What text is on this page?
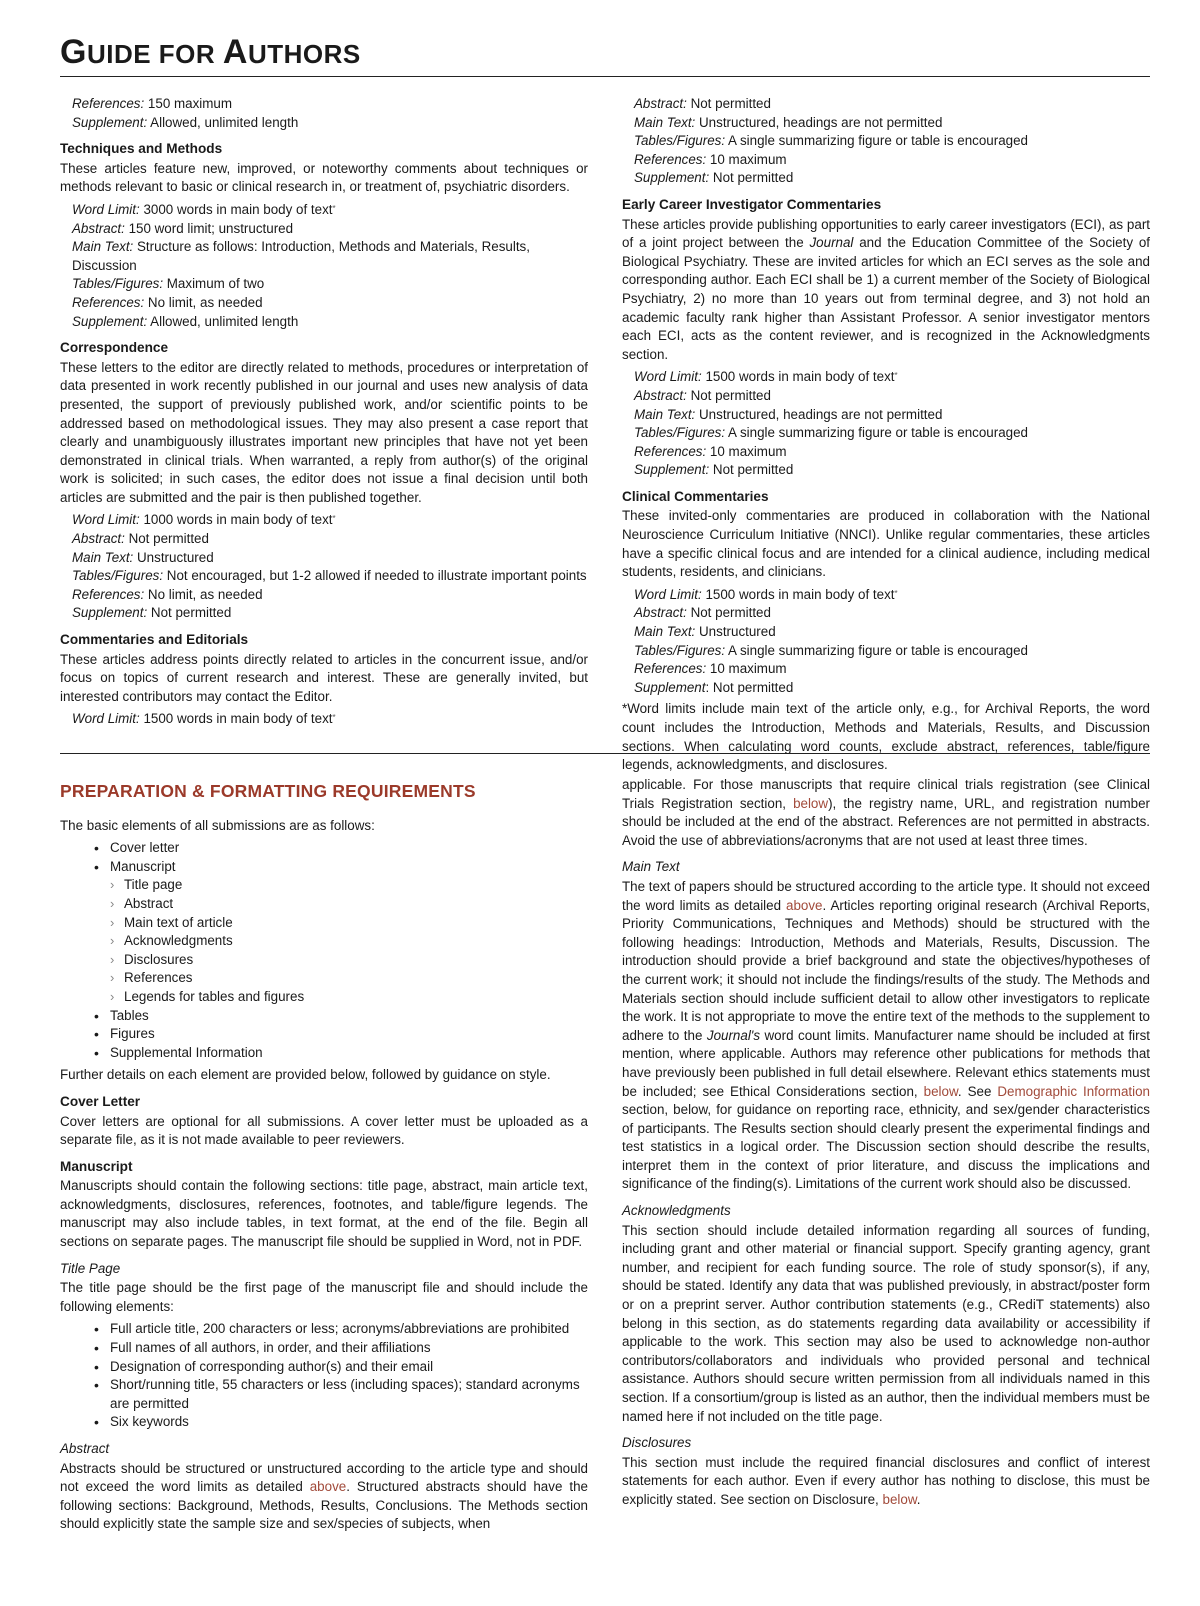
GUIDE FOR AUTHORS
References: 150 maximum
Supplement: Allowed, unlimited length
Techniques and Methods

These articles feature new, improved, or noteworthy comments about techniques or methods relevant to basic or clinical research in, or treatment of, psychiatric disorders.

Word Limit: 3000 words in main body of text*
Abstract: 150 word limit; unstructured
Main Text: Structure as follows: Introduction, Methods and Materials, Results, Discussion
Tables/Figures: Maximum of two
References: No limit, as needed
Supplement: Allowed, unlimited length
Correspondence

These letters to the editor are directly related to methods, procedures or interpretation of data presented in work recently published in our journal and uses new analysis of data presented, the support of previously published work, and/or scientific points to be addressed based on methodological issues. They may also present a case report that clearly and unambiguously illustrates important new principles that have not yet been demonstrated in clinical trials. When warranted, a reply from author(s) of the original work is solicited; in such cases, the editor does not issue a final decision until both articles are submitted and the pair is then published together.

Word Limit: 1000 words in main body of text*
Abstract: Not permitted
Main Text: Unstructured
Tables/Figures: Not encouraged, but 1-2 allowed if needed to illustrate important points
References: No limit, as needed
Supplement: Not permitted
Commentaries and Editorials

These articles address points directly related to articles in the concurrent issue, and/or focus on topics of current research and interest. These are generally invited, but interested contributors may contact the Editor.

Word Limit: 1500 words in main body of text*
Abstract: Not permitted
Main Text: Unstructured, headings are not permitted
Tables/Figures: A single summarizing figure or table is encouraged
References: 10 maximum
Supplement: Not permitted
Early Career Investigator Commentaries

These articles provide publishing opportunities to early career investigators (ECI), as part of a joint project between the Journal and the Education Committee of the Society of Biological Psychiatry. These are invited articles for which an ECI serves as the sole and corresponding author. Each ECI shall be 1) a current member of the Society of Biological Psychiatry, 2) no more than 10 years out from terminal degree, and 3) not hold an academic faculty rank higher than Assistant Professor. A senior investigator mentors each ECI, acts as the content reviewer, and is recognized in the Acknowledgments section.

Word Limit: 1500 words in main body of text*
Abstract: Not permitted
Main Text: Unstructured, headings are not permitted
Tables/Figures: A single summarizing figure or table is encouraged
References: 10 maximum
Supplement: Not permitted
Clinical Commentaries

These invited-only commentaries are produced in collaboration with the National Neuroscience Curriculum Initiative (NNCI). Unlike regular commentaries, these articles have a specific clinical focus and are intended for a clinical audience, including medical students, residents, and clinicians.

Word Limit: 1500 words in main body of text*
Abstract: Not permitted
Main Text: Unstructured
Tables/Figures: A single summarizing figure or table is encouraged
References: 10 maximum
Supplement: Not permitted

*Word limits include main text of the article only, e.g., for Archival Reports, the word count includes the Introduction, Methods and Materials, Results, and Discussion sections. When calculating word counts, exclude abstract, references, table/figure legends, acknowledgments, and disclosures.

PREPARATION & FORMATTING REQUIREMENTS

The basic elements of all submissions are as follows:

• Cover letter
• Manuscript
› Title page
› Abstract
› Main text of article
› Acknowledgments
› Disclosures
› References
› Legends for tables and figures
• Tables
• Figures
• Supplemental Information

Further details on each element are provided below, followed by guidance on style.

Cover Letter

Cover letters are optional for all submissions. A cover letter must be uploaded as a separate file, as it is not made available to peer reviewers.

Manuscript

Manuscripts should contain the following sections: title page, abstract, main article text, acknowledgments, disclosures, references, footnotes, and table/figure legends. The manuscript may also include tables, in text format, at the end of the file. Begin all sections on separate pages. The manuscript file should be supplied in Word, not in PDF.

Title Page

The title page should be the first page of the manuscript file and should include the following elements:

• Full article title, 200 characters or less; acronyms/abbreviations are prohibited
• Full names of all authors, in order, and their affiliations
• Designation of corresponding author(s) and their email
• Short/running title, 55 characters or less (including spaces); standard acronyms are permitted
• Six keywords
Abstract

Abstracts should be structured or unstructured according to the article type and should not exceed the word limits as detailed above. Structured abstracts should have the following sections: Background, Methods, Results, Conclusions. The Methods section should explicitly state the sample size and sex/species of subjects, when

applicable. For those manuscripts that require clinical trials registration (see Clinical Trials Registration section, below), the registry name, URL, and registration number should be included at the end of the abstract. References are not permitted in abstracts. Avoid the use of abbreviations/acronyms that are not used at least three times.

Main Text

The text of papers should be structured according to the article type. It should not exceed the word limits as detailed above. Articles reporting original research (Archival Reports, Priority Communications, Techniques and Methods) should be structured with the following headings: Introduction, Methods and Materials, Results, Discussion. The introduction should provide a brief background and state the objectives/hypotheses of the current work; it should not include the findings/results of the study. The Methods and Materials section should include sufficient detail to allow other investigators to replicate the work. It is not appropriate to move the entire text of the methods to the supplement to adhere to the Journal's word count limits. Manufacturer name should be included at first mention, where applicable. Authors may reference other publications for methods that have previously been published in full detail elsewhere. Relevant ethics statements must be included; see Ethical Considerations section, below. See Demographic Information section, below, for guidance on reporting race, ethnicity, and sex/gender characteristics of participants. The Results section should clearly present the experimental findings and test statistics in a logical order. The Discussion section should describe the results, interpret them in the context of prior literature, and discuss the implications and significance of the finding(s). Limitations of the current work should also be discussed.

Acknowledgments

This section should include detailed information regarding all sources of funding, including grant and other material or financial support. Specify granting agency, grant number, and recipient for each funding source. The role of study sponsor(s), if any, should be stated. Identify any data that was published previously, in abstract/poster form or on a preprint server. Author contribution statements (e.g., CRediT statements) also belong in this section, as do statements regarding data availability or accessibility if applicable to the work. This section may also be used to acknowledge non-author contributors/collaborators and individuals who provided personal and technical assistance. Authors should secure written permission from all individuals named in this section. If a consortium/group is listed as an author, then the individual members must be named here if not included on the title page.

Disclosures

This section must include the required financial disclosures and conflict of interest statements for each author. Even if every author has nothing to disclose, this must be explicitly stated. See section on Disclosure, below.
